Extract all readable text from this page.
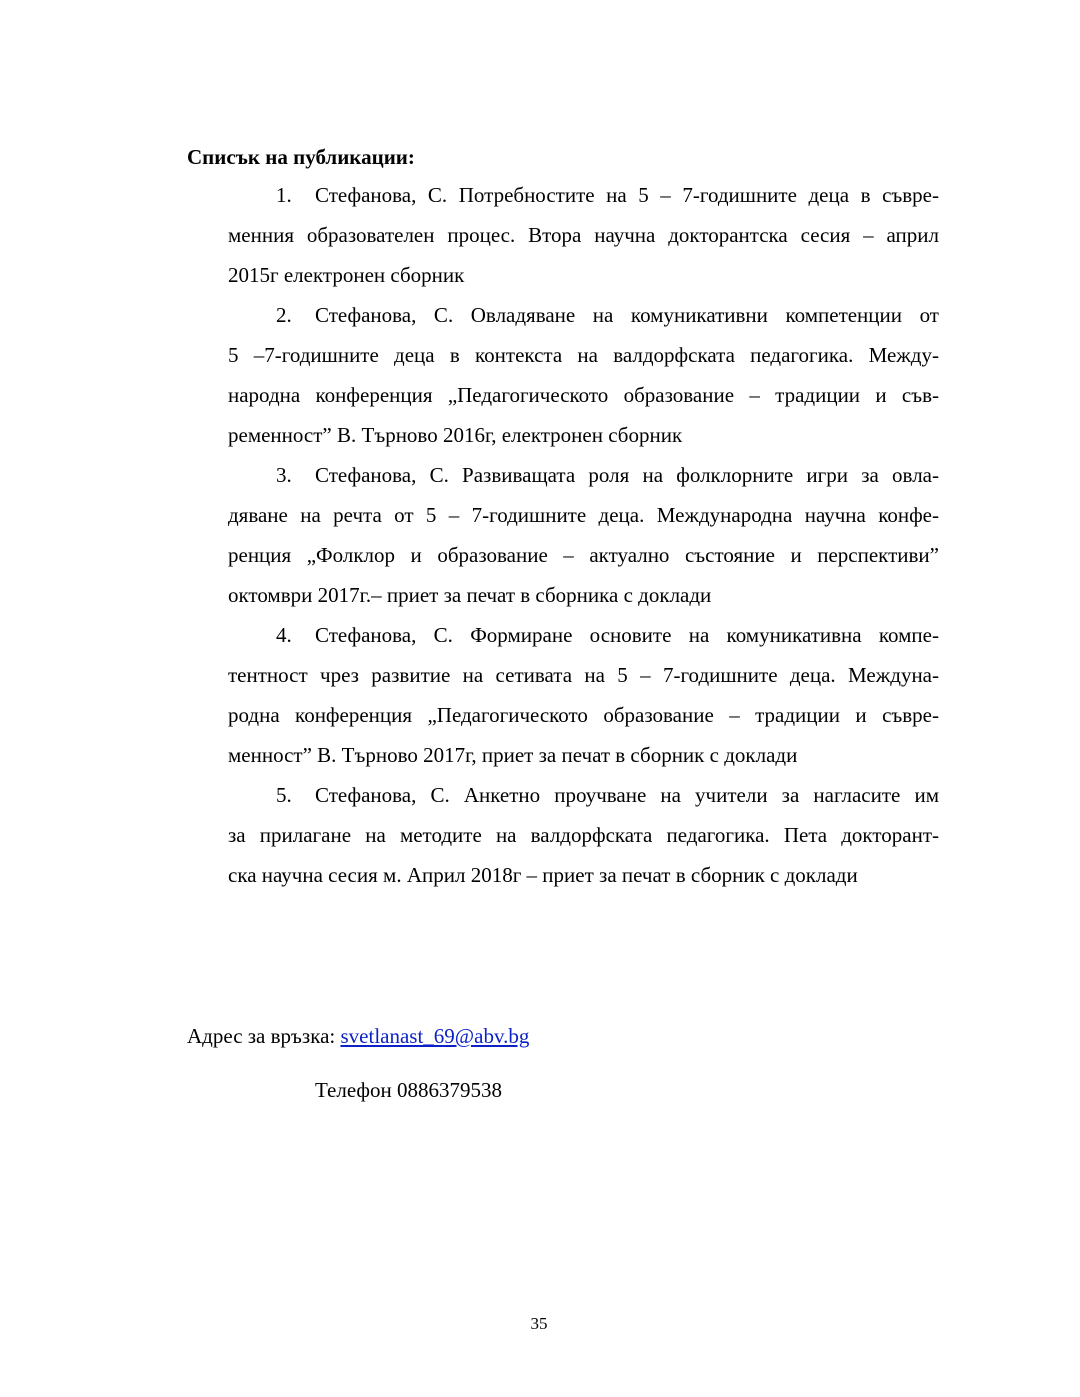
Списък на публикации:
1. Стефанова, С. Потребностите на 5 – 7-годишните деца в съвре-
менния образователен процес. Втора научна докторантска сесия – април
2015г електронен сборник
2. Стефанова, С. Овладяване на комуникативни компетенции от
5 –7-годишните деца в контекста на валдорфската педагогика. Между-
народна конференция „Педагогическото образование – традиции и съв-
ременност” В. Търново 2016г, електронен сборник
3. Стефанова, С. Развиващата роля на фолклорните игри за овла-
дяване на речта от 5 – 7-годишните деца. Международна научна конфе-
ренция „Фолклор и образование – актуално състояние и перспективи”
октомври 2017г.– приет за печат в сборника с доклади
4. Стефанова, С. Формиране основите на комуникативна компе-
тентност чрез развитие на сетивата на 5 – 7-годишните деца. Междуна-
родна конференция „Педагогическото образование – традиции и съвре-
менност” В. Търново 2017г, приет за печат в сборник с доклади
5. Стефанова, С. Анкетно проучване на учители за нагласите им
за прилагане на методите на валдорфската педагогика. Пета докторант-
ска научна сесия м. Април 2018г – приет за печат в сборник с доклади
Адрес за връзка: svetlanast_69@abv.bg
Телефон 0886379538
35
